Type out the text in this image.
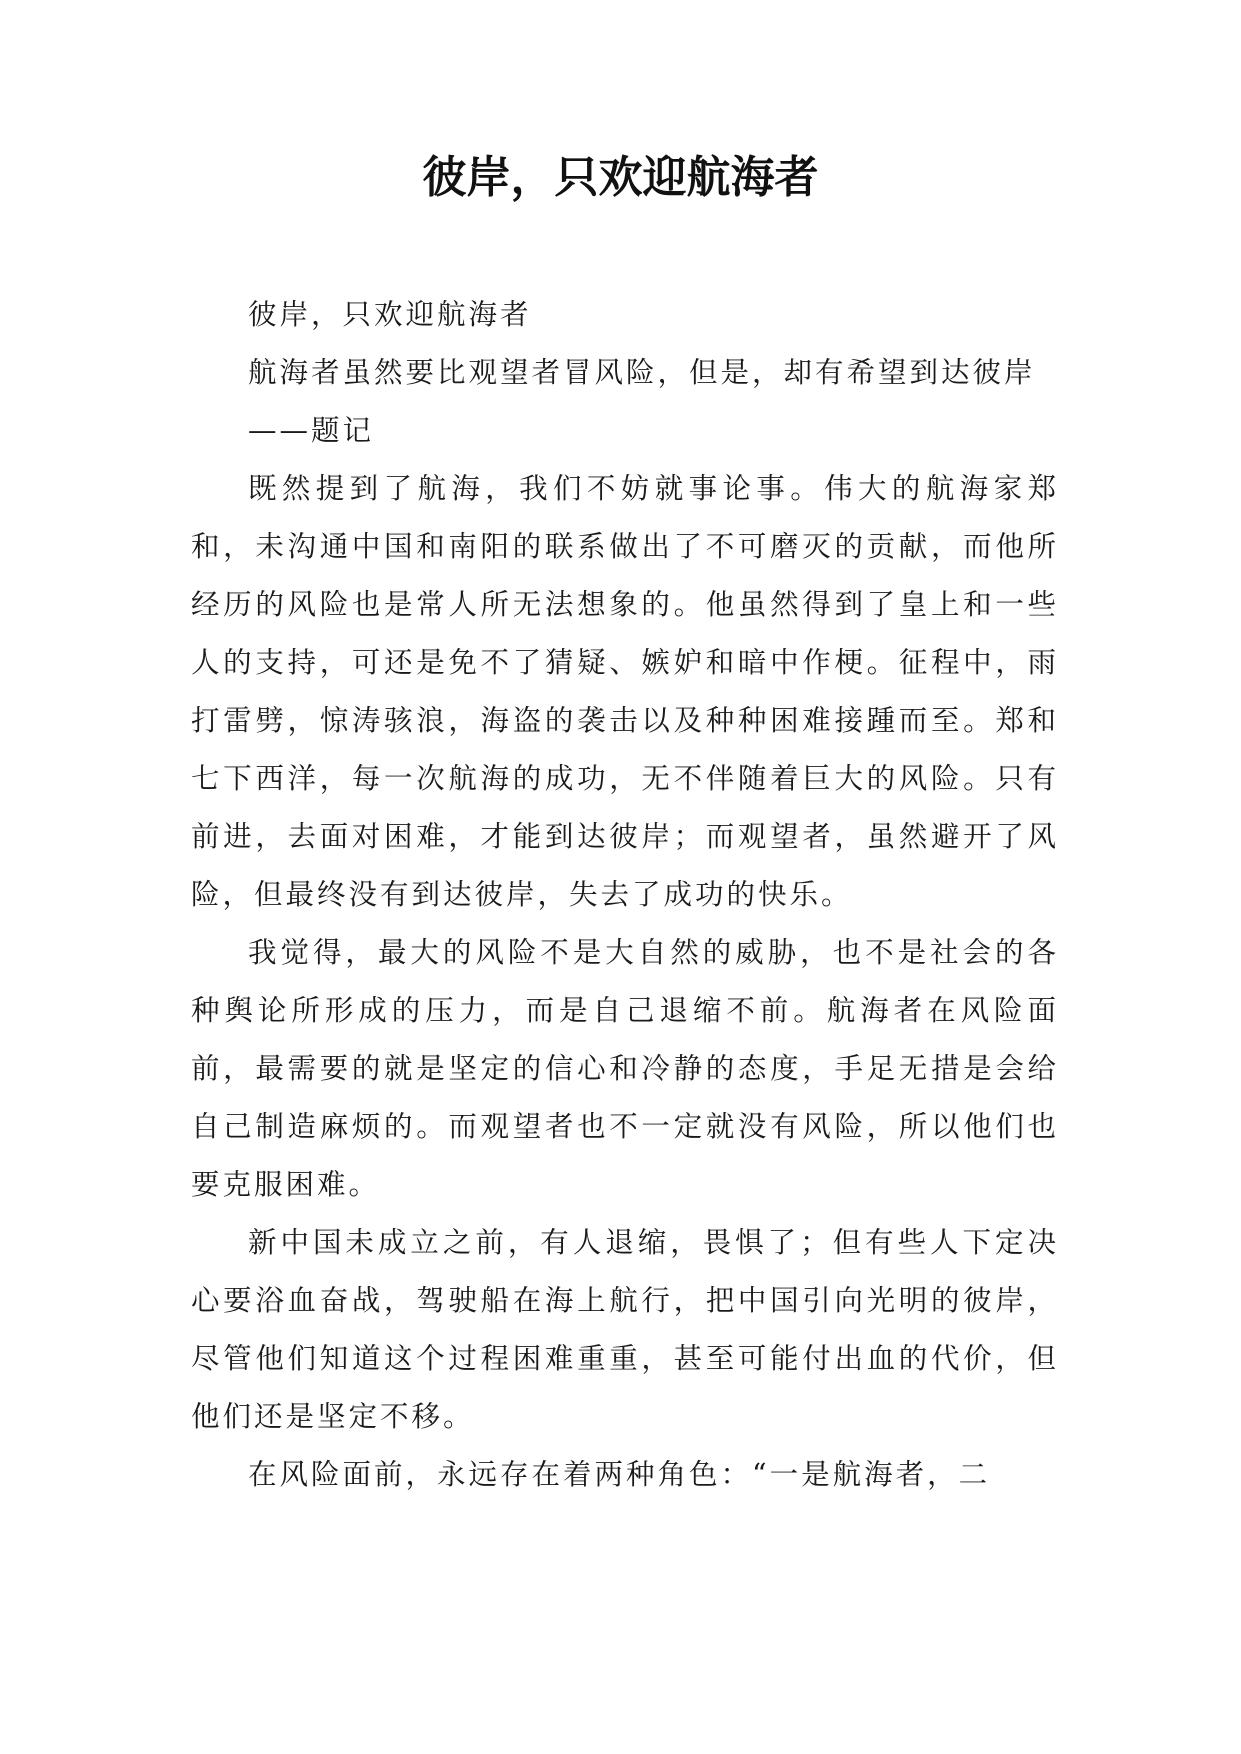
彼岸，只欢迎航海者

彼岸，只欢迎航海者

航海者虽然要比观望者冒风险，但是，却有希望到达彼岸

——题记

既然提到了航海，我们不妨就事论事。伟大的航海家郑和，未沟通中国和南阳的联系做出了不可磨灭的贡献，而他所经历的风险也是常人所无法想象的。他虽然得到了皇上和一些人的支持，可还是免不了猜疑、嫉妒和暗中作梗。征程中，雨打雷劈，惊涛骇浪，海盗的袭击以及种种困难接踵而至。郑和七下西洋，每一次航海的成功，无不伴随着巨大的风险。只有前进，去面对困难，才能到达彼岸；而观望者，虽然避开了风险，但最终没有到达彼岸，失去了成功的快乐。

我觉得，最大的风险不是大自然的威胁，也不是社会的各种舆论所形成的压力，而是自己退缩不前。航海者在风险面前，最需要的就是坚定的信心和冷静的态度，手足无措是会给自己制造麻烦的。而观望者也不一定就没有风险，所以他们也要克服困难。

新中国未成立之前，有人退缩，畏惧了；但有些人下定决心要浴血奋战，驾驶船在海上航行，把中国引向光明的彼岸，尽管他们知道这个过程困难重重，甚至可能付出血的代价，但他们还是坚定不移。

在风险面前，永远存在着两种角色：“一是航海者，二
